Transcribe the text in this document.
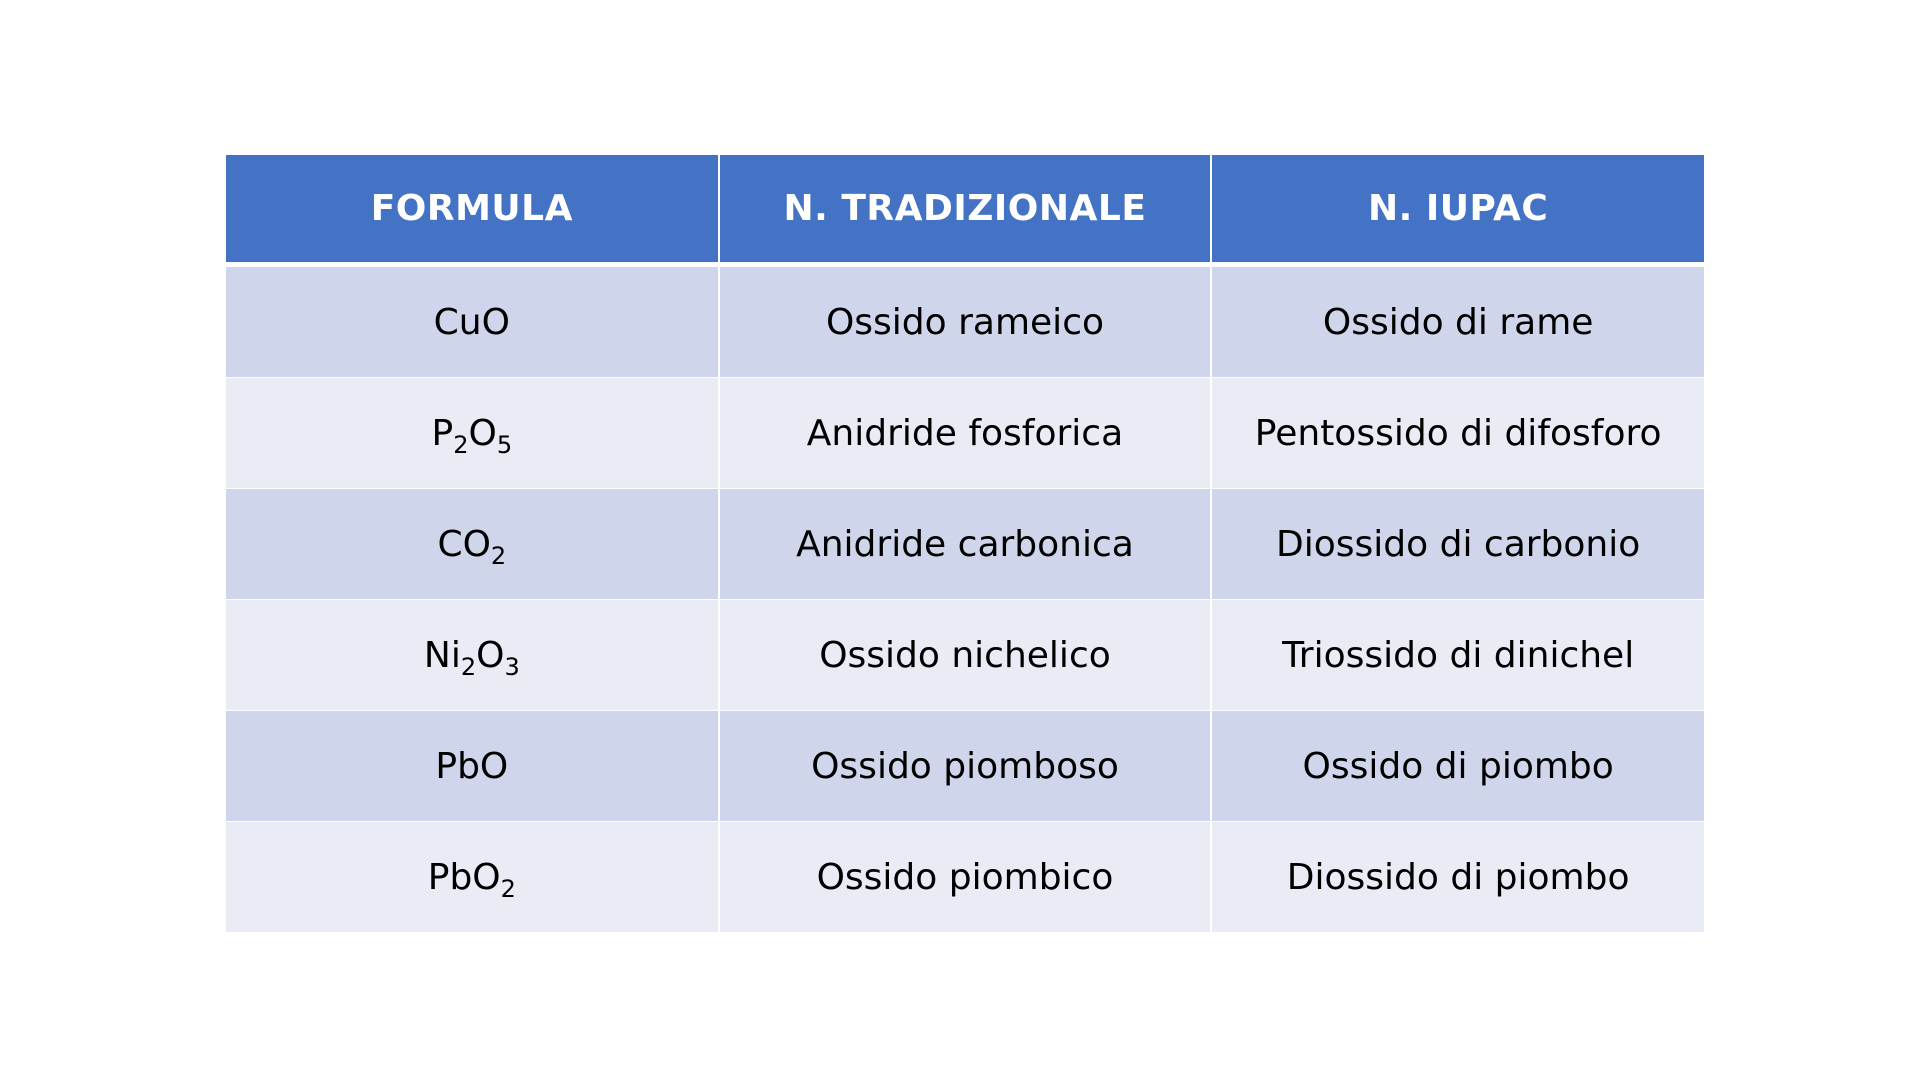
FORMULA	N. TRADIZIONALE	N. IUPAC
CuO	Ossido rameico	Ossido di rame
$P_2O_5$	Anidride fosforica	Pentossido di difosforo
$CO_2$	Anidride carbonica	Diossido di carbonio
$Ni_2O_3$	Ossido nichelico	Triossido di dinichel
PbO	Ossido piomboso	Ossido di piombo
PbO$_2$	Ossido piombico	Diossido di piombo
